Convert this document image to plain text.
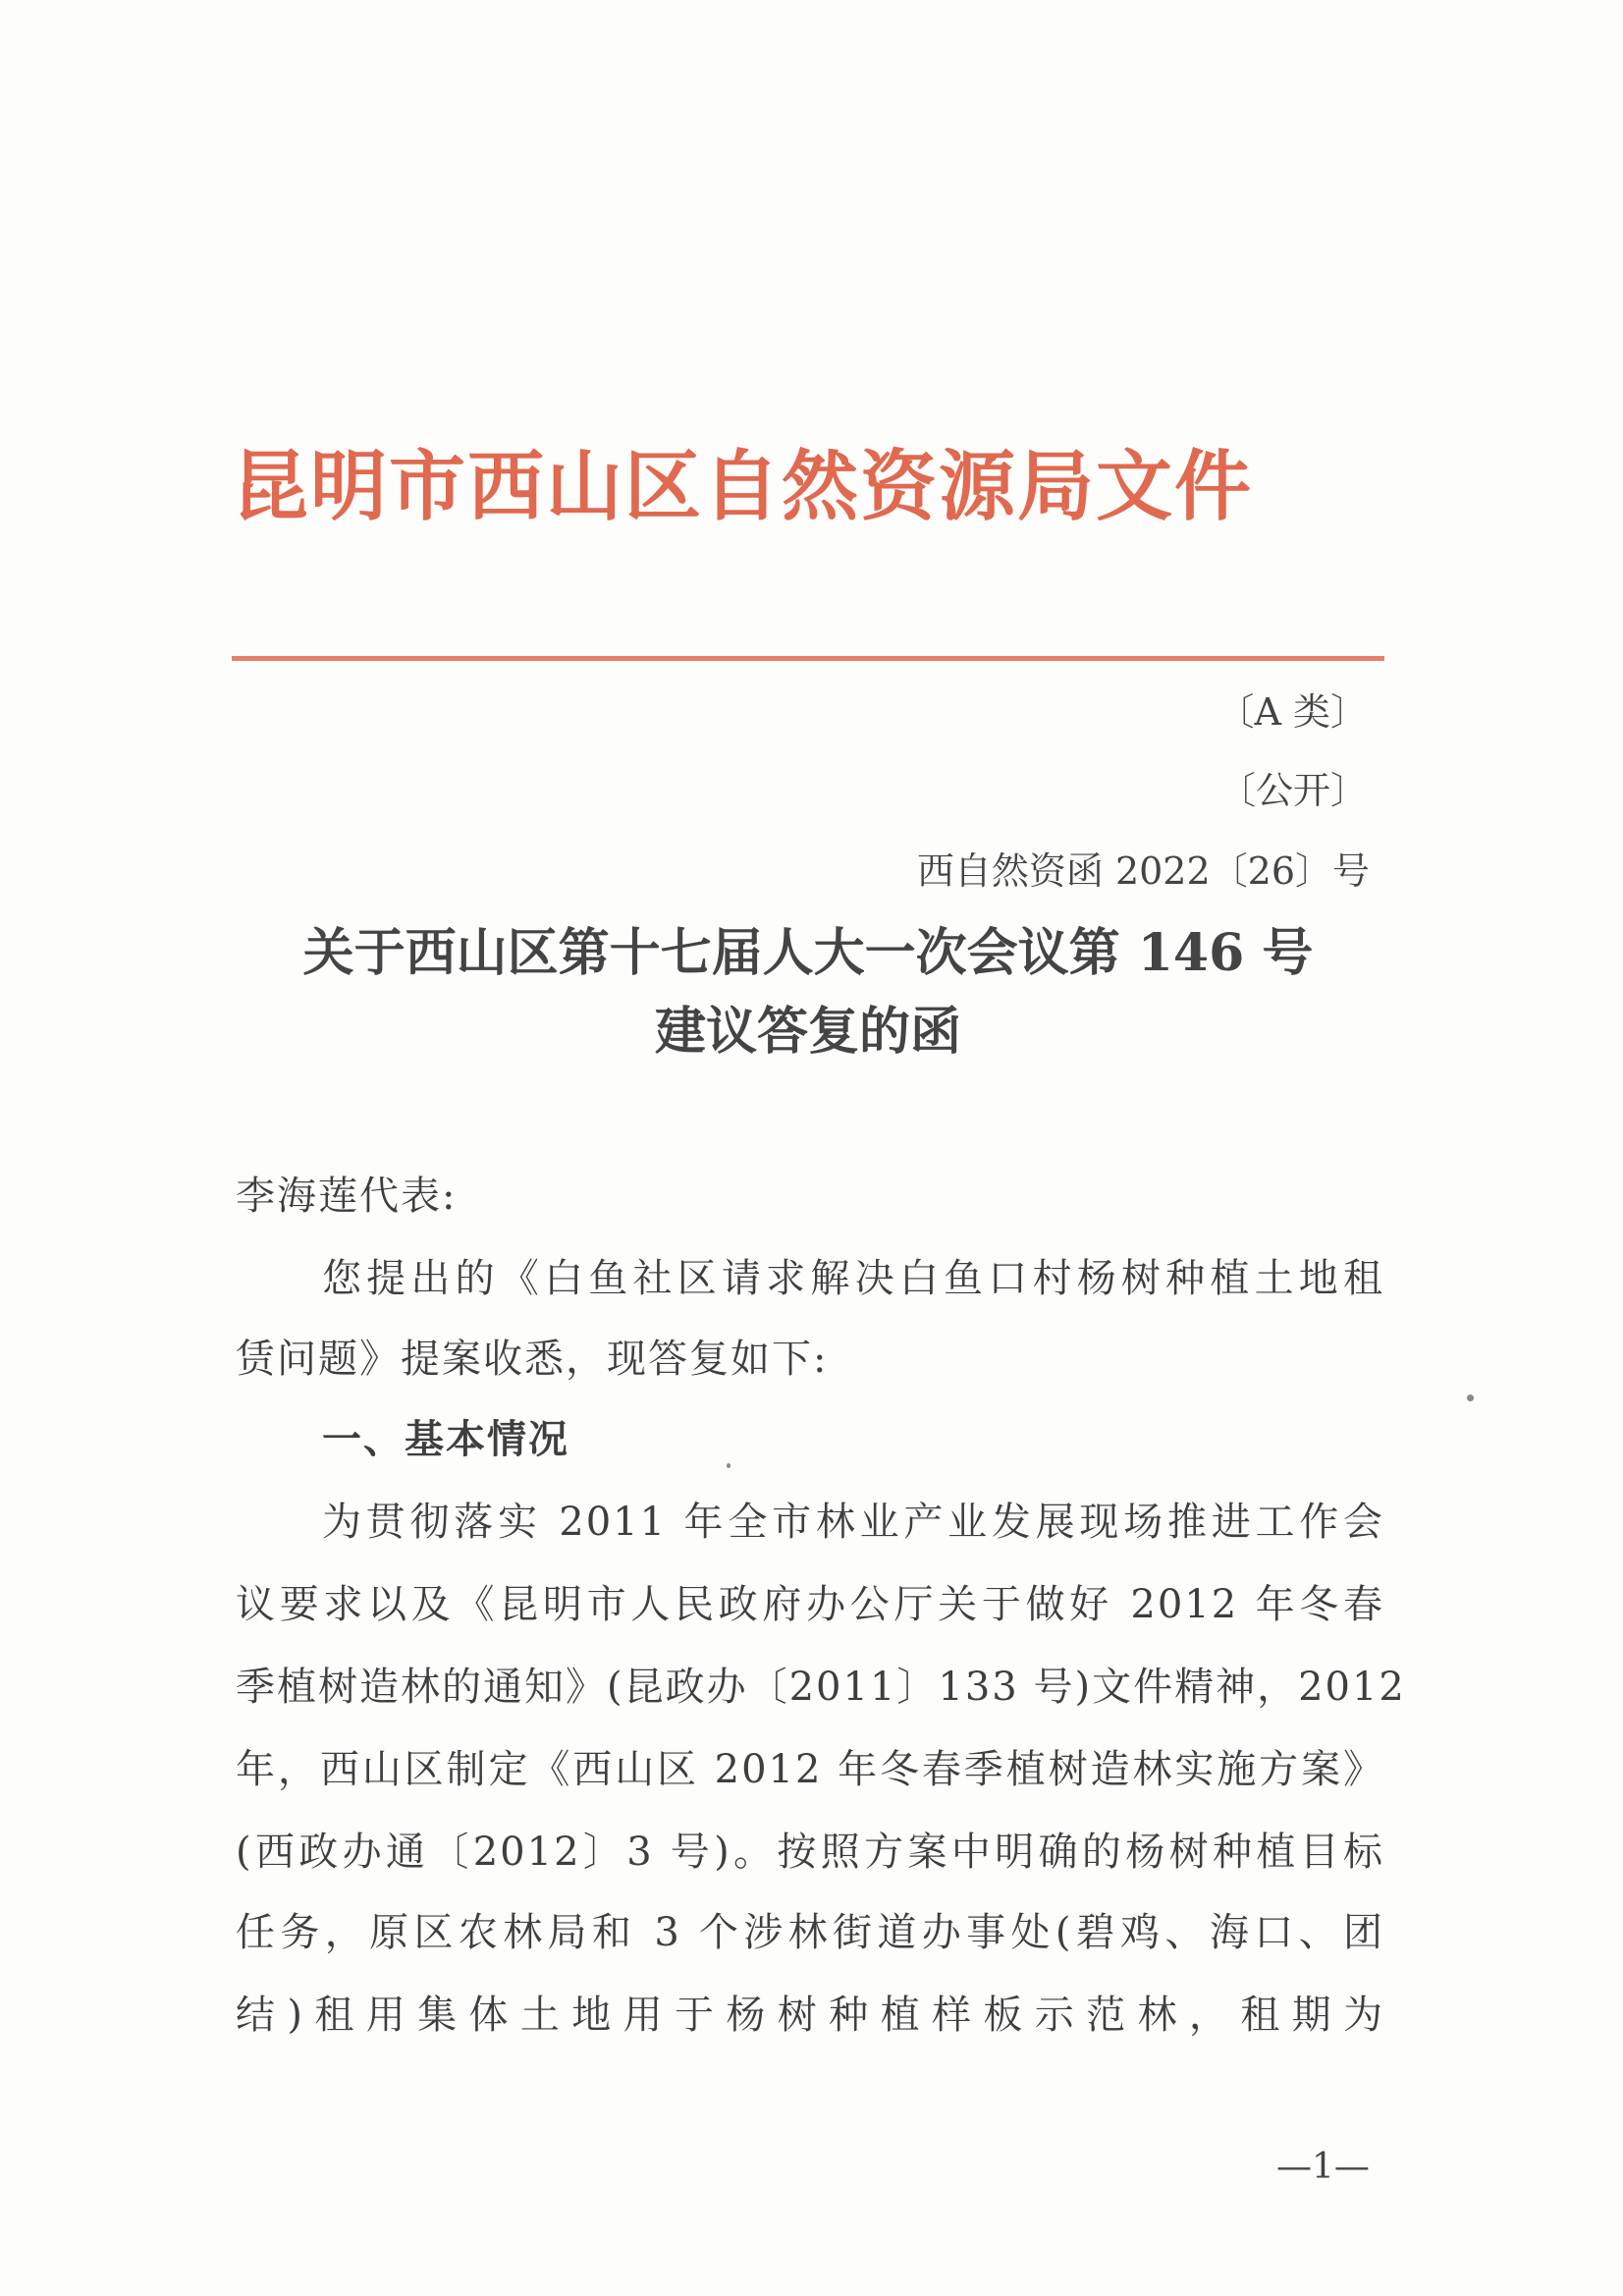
昆明市西山区自然资源局文件
〔A 类〕
〔公开〕
西自然资函 2022〔26〕号
关于西山区第十七届人大一次会议第 146 号
建议答复的函
李海莲代表:
您提出的《白鱼社区请求解决白鱼口村杨树种植土地租
赁问题》提案收悉，现答复如下:
一、基本情况
为贯彻落实 2011 年全市林业产业发展现场推进工作会
议要求以及《昆明市人民政府办公厅关于做好 2012 年冬春
季植树造林的通知》(昆政办〔2011〕133 号)文件精神，2012
年，西山区制定《西山区 2012 年冬春季植树造林实施方案》
(西政办通〔2012〕3 号)。按照方案中明确的杨树种植目标
任务，原区农林局和 3 个涉林街道办事处(碧鸡、海口、团
结)租用集体土地用于杨树种植样板示范林，租期为
—1—
